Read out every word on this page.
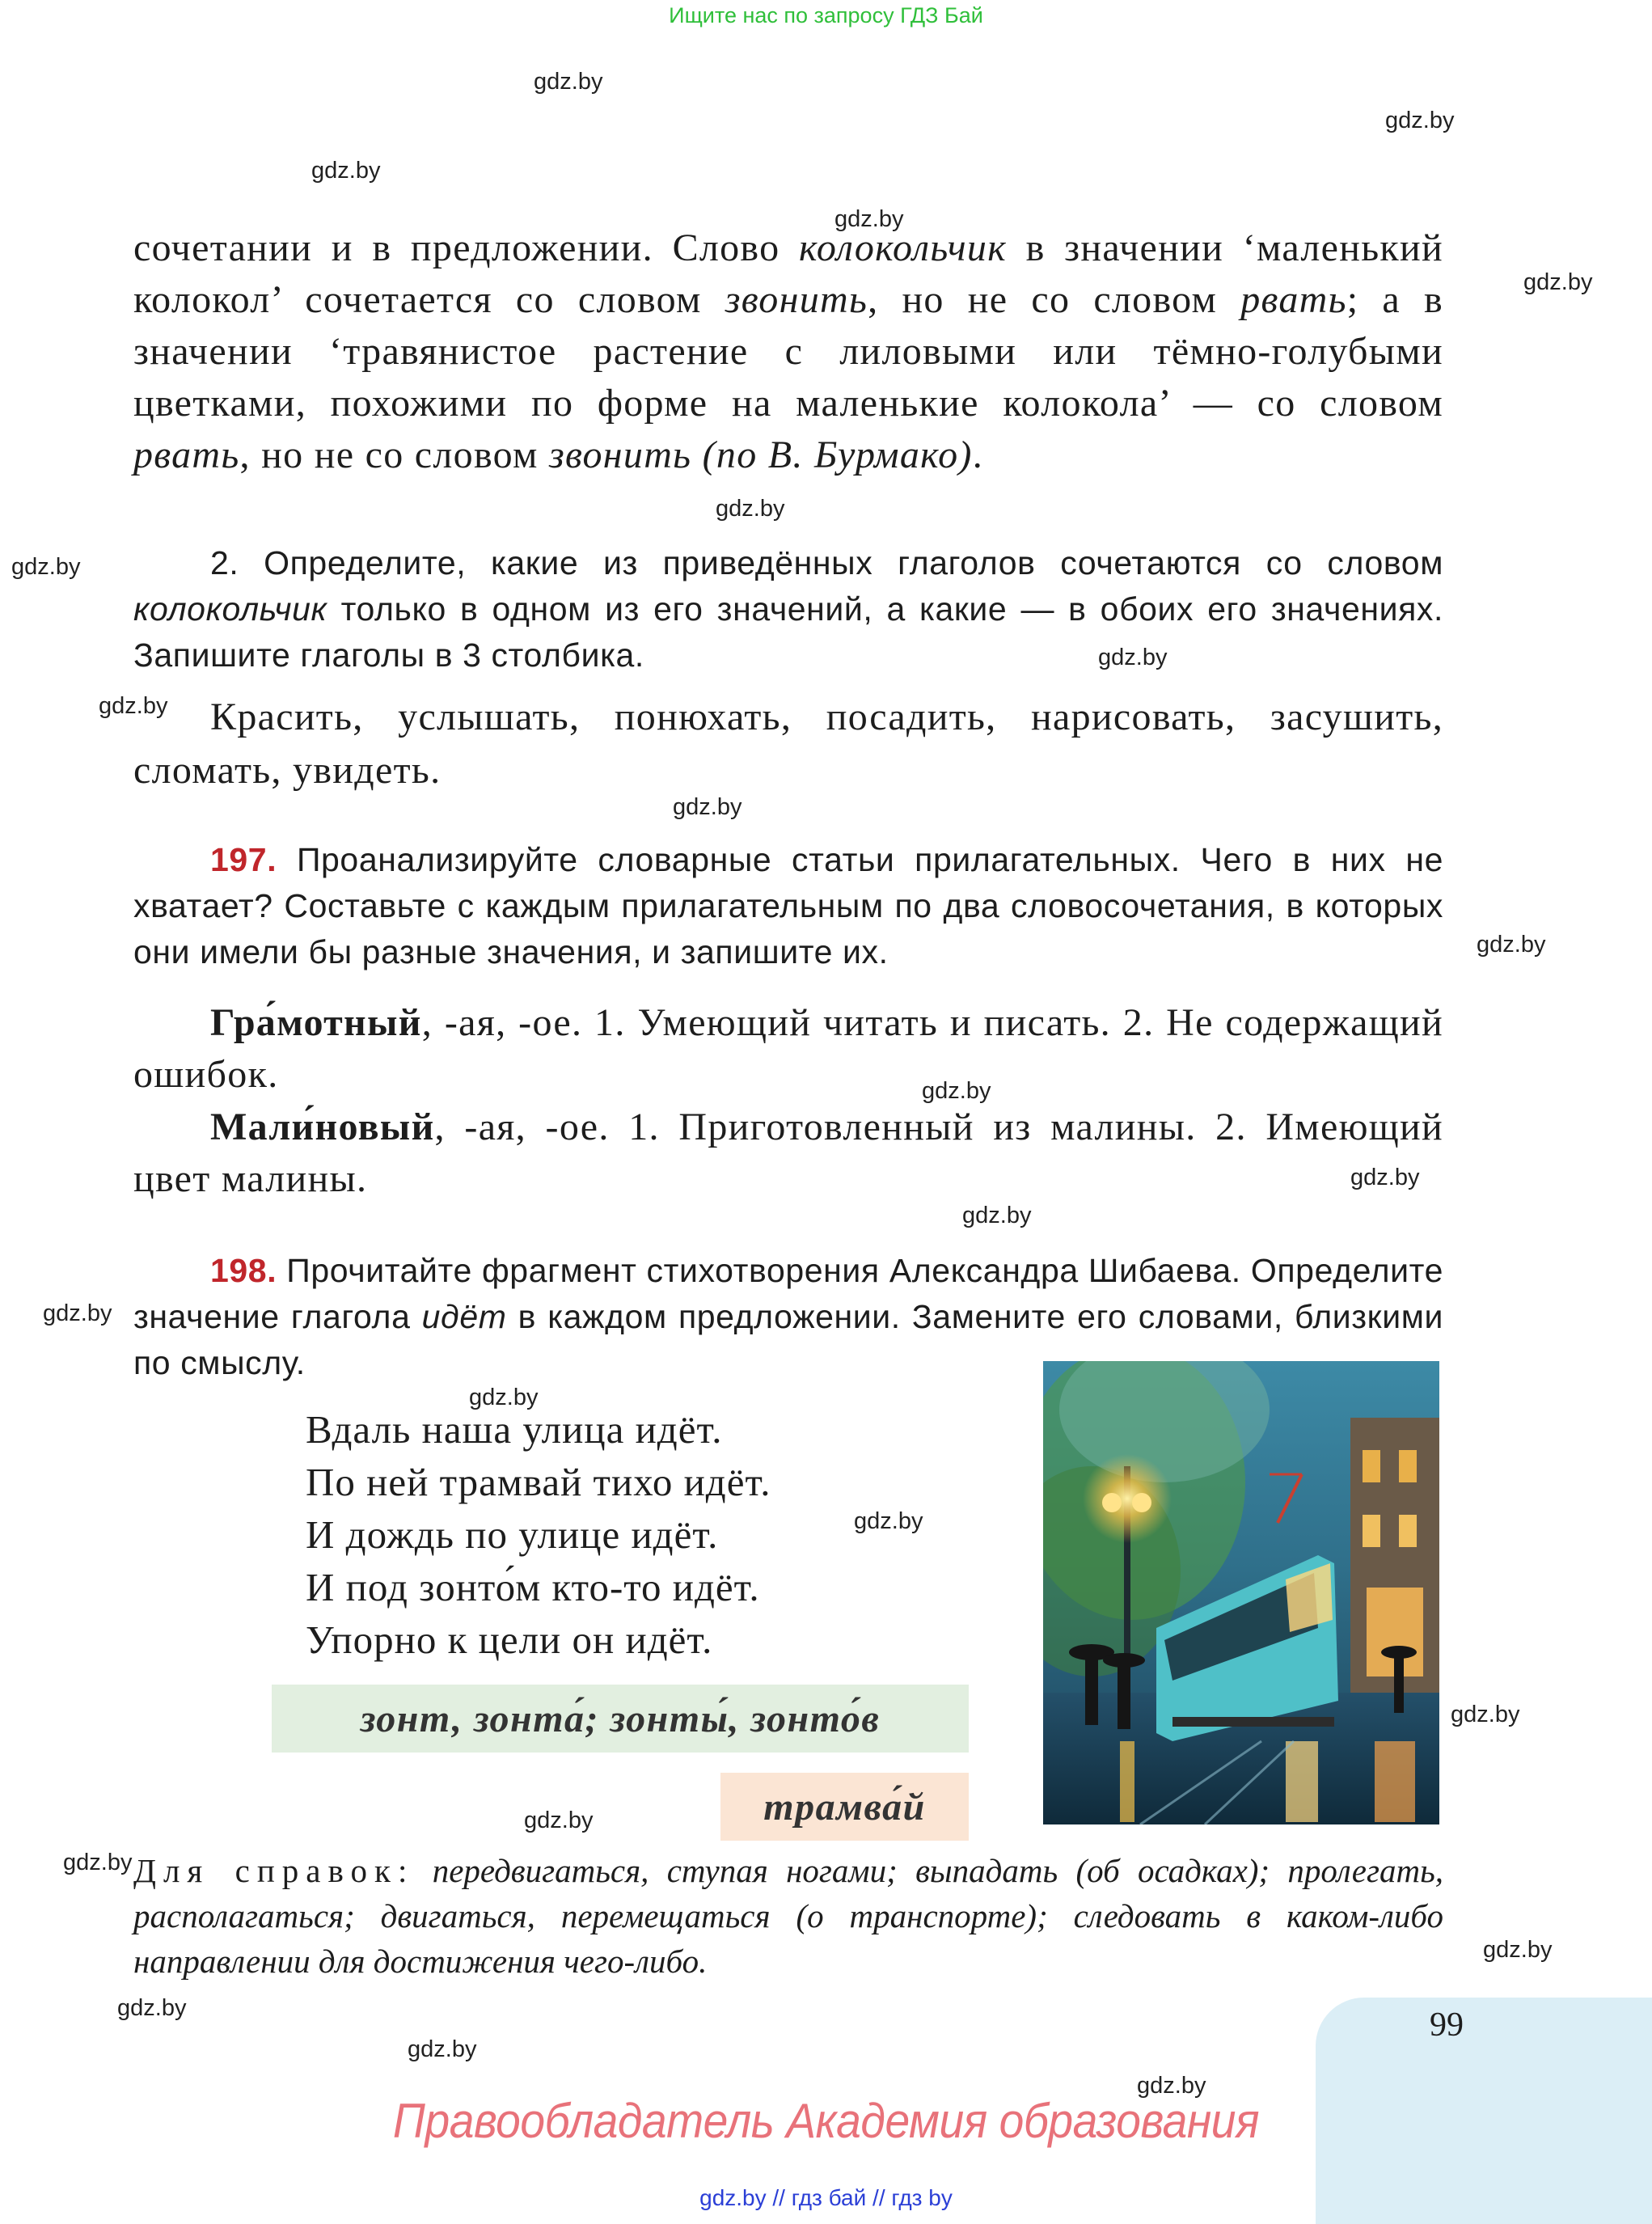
Ищите нас по запросу ГДЗ Бай
gdz.by
gdz.by
gdz.by
gdz.by
gdz.by
gdz.by
gdz.by
gdz.by
gdz.by
gdz.by
gdz.by
gdz.by
gdz.by
gdz.by
gdz.by
gdz.by
gdz.by
gdz.by
gdz.by
gdz.by
gdz.by
gdz.by
gdz.by
gdz.by
сочетании и в предложении. Слово колокольчик в значении ‘маленький колокол’ сочетается со словом звонить, но не со словом рвать; а в значении ‘травянистое растение с лиловыми или тёмно-голубыми цветками, похожими по форме на маленькие колокола’ — со словом рвать, но не со словом звонить (по В. Бурмако).
2. Определите, какие из приведённых глаголов сочетаются со словом колокольчик только в одном из его значений, а какие — в обоих его значениях. Запишите глаголы в 3 столбика.
Красить, услышать, понюхать, посадить, нарисовать, засушить, сломать, увидеть.
197. Проанализируйте словарные статьи прилагательных. Чего в них не хватает? Составьте с каждым прилагательным по два словосочетания, в которых они имели бы разные значения, и запишите их.
Гра́мотный, -ая, -ое. 1. Умеющий читать и писать. 2. Не содержащий ошибок.
Мали́новый, -ая, -ое. 1. Приготовленный из малины. 2. Имеющий цвет малины.
198. Прочитайте фрагмент стихотворения Александра Шибаева. Определите значение глагола идёт в каждом предложении. Замените его словами, близкими по смыслу.
Вдаль наша улица идёт.
По ней трамвай тихо идёт.
И дождь по улице идёт.
И под зонто́м кто-то идёт.
Упорно к цели он идёт.
зонт, зонта́; зонты́, зонто́в
трамва́й
Для справок: передвигаться, ступая ногами; выпадать (об осадках); пролегать, располагаться; двигаться, перемещаться (о транспорте); следовать в каком-либо направлении для достижения чего-либо.
99
Правообладатель Академия образования
gdz.by // гдз бай // гдз by
